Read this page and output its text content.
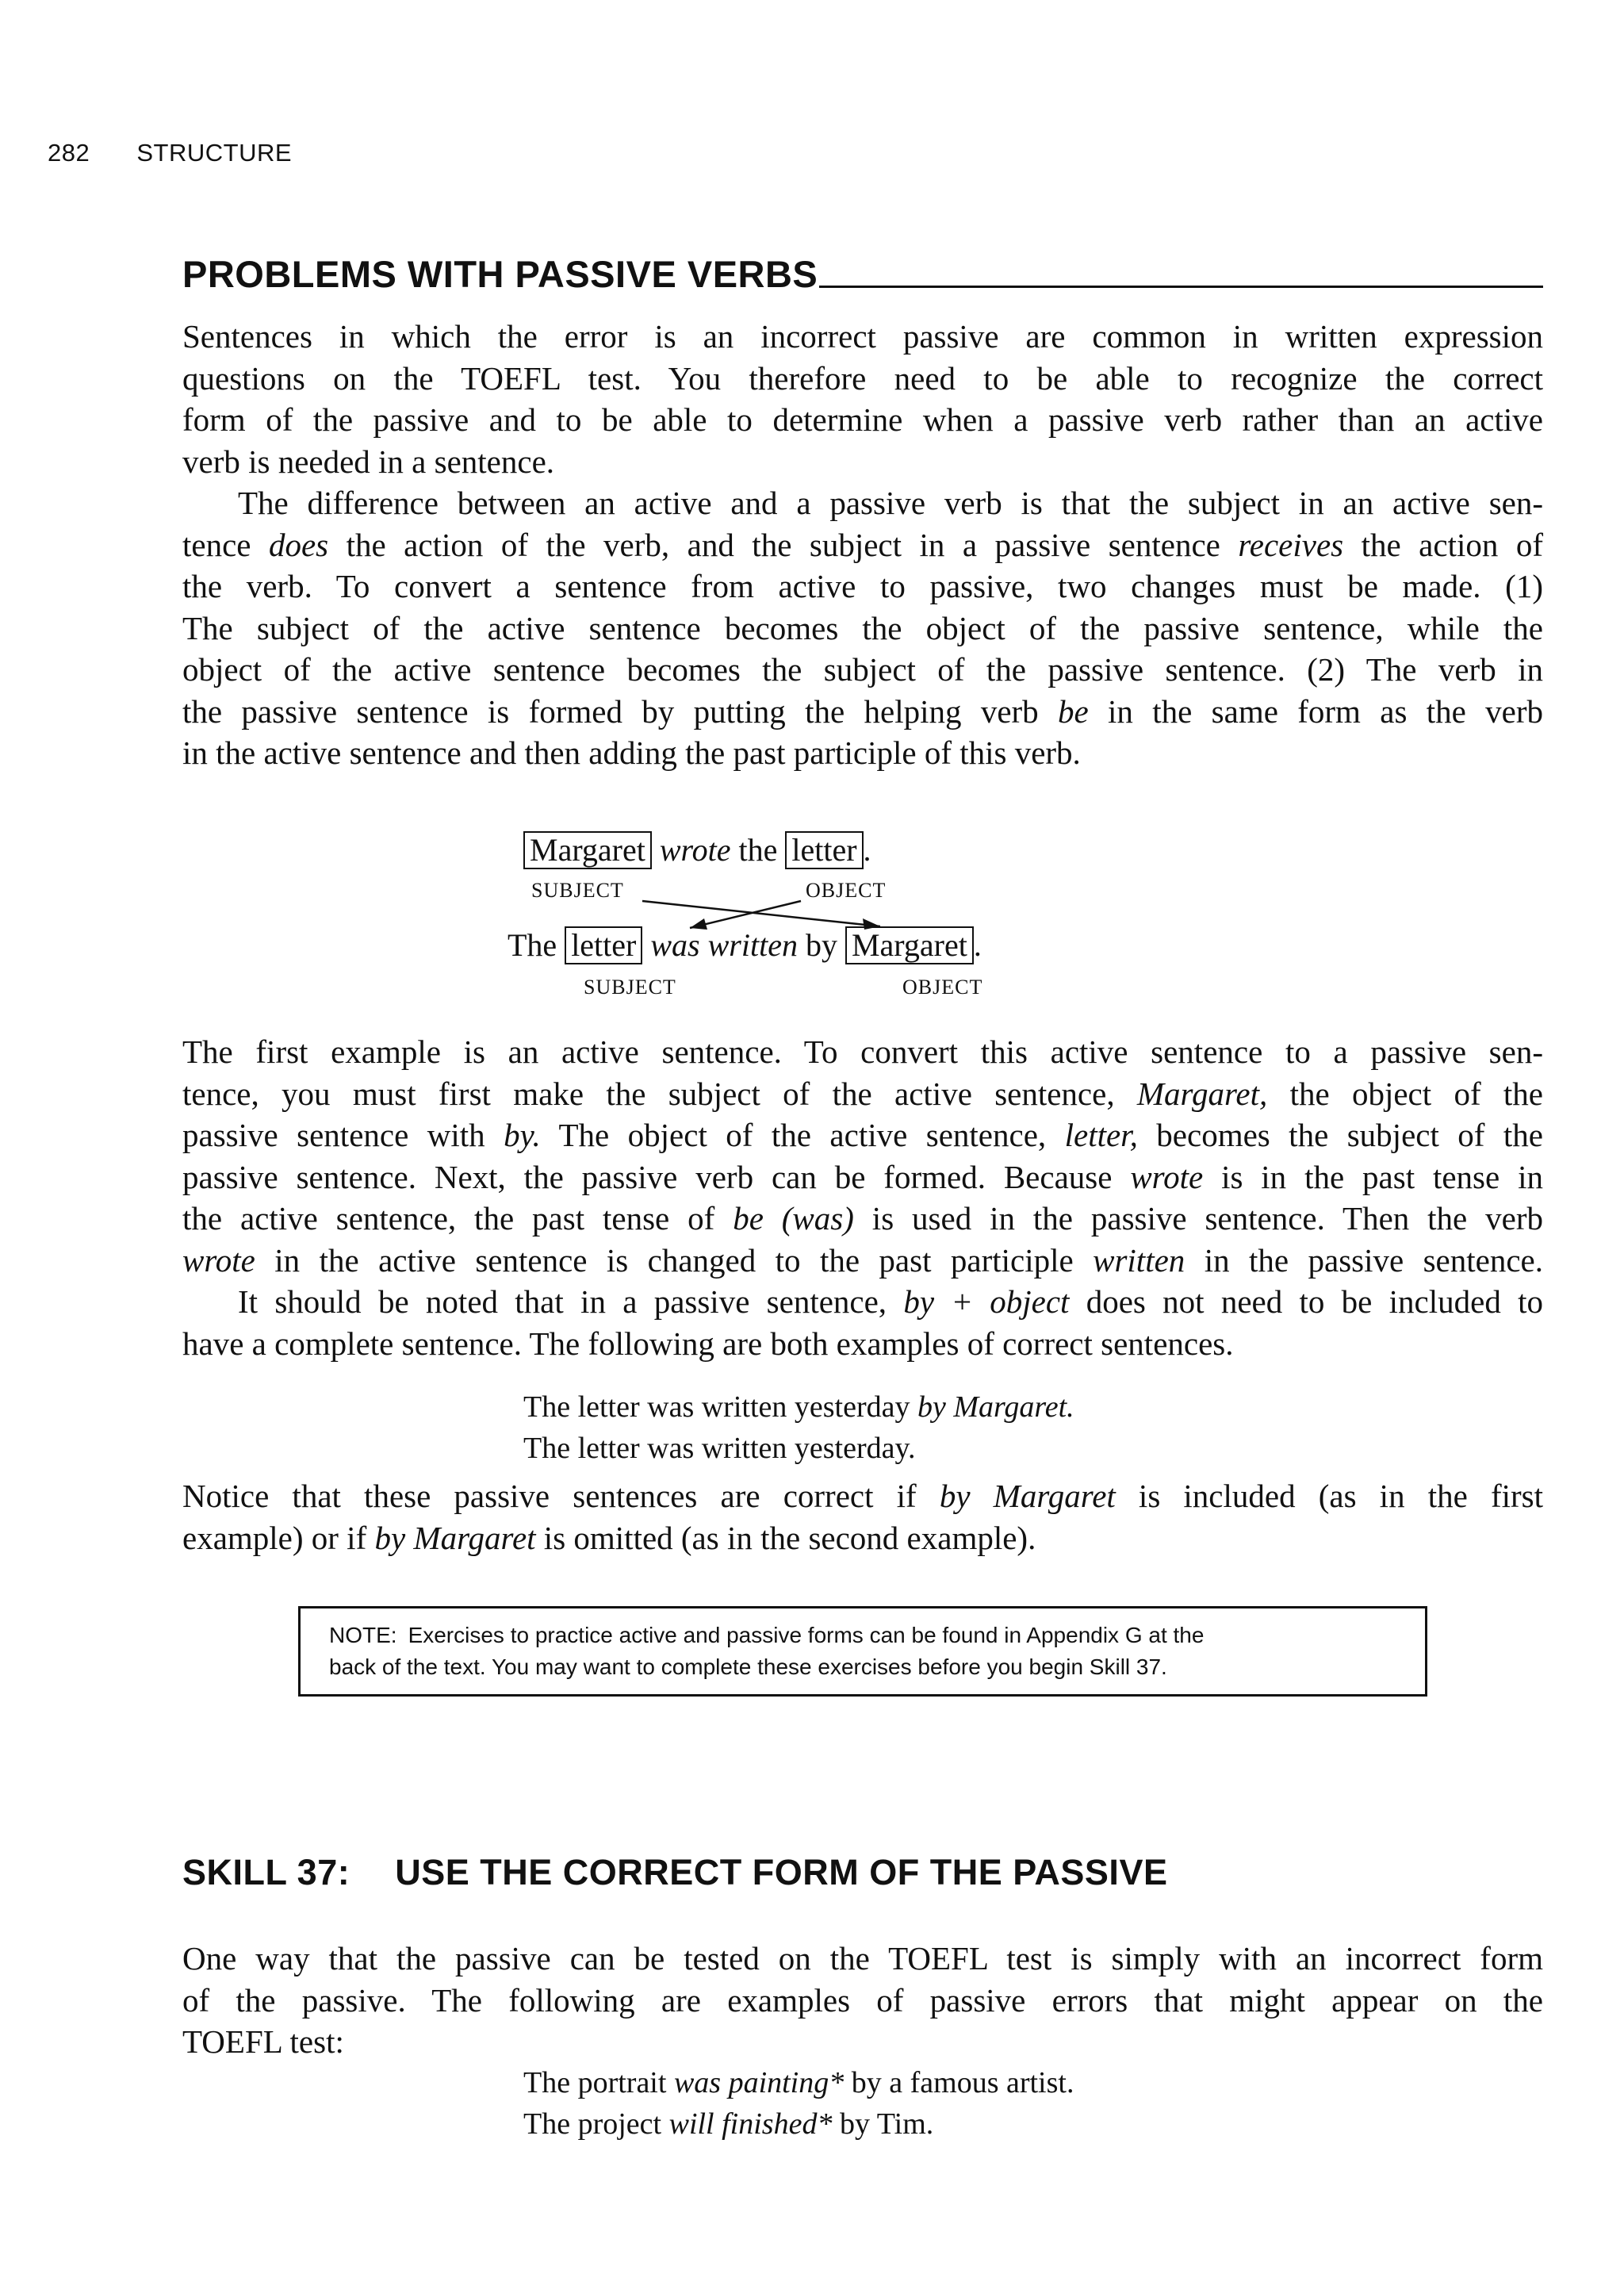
282 STRUCTURE
PROBLEMS WITH PASSIVE VERBS

Sentences in which the error is an incorrect passive are common in written expression

questions on the TOEFL test. You therefore need to be able to recognize the correct

form of the passive and to be able to determine when a passive verb rather than an active

verb is needed in a sentence.

The difference between an active and a passive verb is that the subject in an active sen-

tence does the action of the verb, and the subject in a passive sentence receives the action of

the verb. To convert a sentence from active to passive, two changes must be made. (1)

The subject of the active sentence becomes the object of the passive sentence, while the

object of the active sentence becomes the subject of the passive sentence. (2) The verb in

the passive sentence is formed by putting the helping verb be in the same form as the verb

in the active sentence and then adding the past participle of this verb.

Margaret wrote the letter .
SUBJECT	OBJECT
The letter was written by Margaret .
SUBJECT	OBJECT

The first example is an active sentence. To convert this active sentence to a passive sen-

tence, you must first make the subject of the active sentence, Margaret, the object of the

passive sentence with by. The object of the active sentence, letter, becomes the subject of the

passive sentence. Next, the passive verb can be formed. Because wrote is in the past tense in

the active sentence, the past tense of be (was) is used in the passive sentence. Then the verb

wrote in the active sentence is changed to the past participle written in the passive sentence.

It should be noted that in a passive sentence, by + object does not need to be included to

have a complete sentence. The following are both examples of correct sentences.

The letter was written yesterday by Margaret.
The letter was written yesterday.

Notice that these passive sentences are correct if by Margaret is included (as in the first

example) or if by Margaret is omitted (as in the second example).

NOTE: Exercises to practice active and passive forms can be found in Appendix G at the
back of the text. You may want to complete these exercises before you begin Skill 37.
SKILL 37: USE THE CORRECT FORM OF THE PASSIVE

One way that the passive can be tested on the TOEFL test is simply with an incorrect form

of the passive. The following are examples of passive errors that might appear on the

TOEFL test:

The portrait was painting* by a famous artist.
The project will finished* by Tim.
